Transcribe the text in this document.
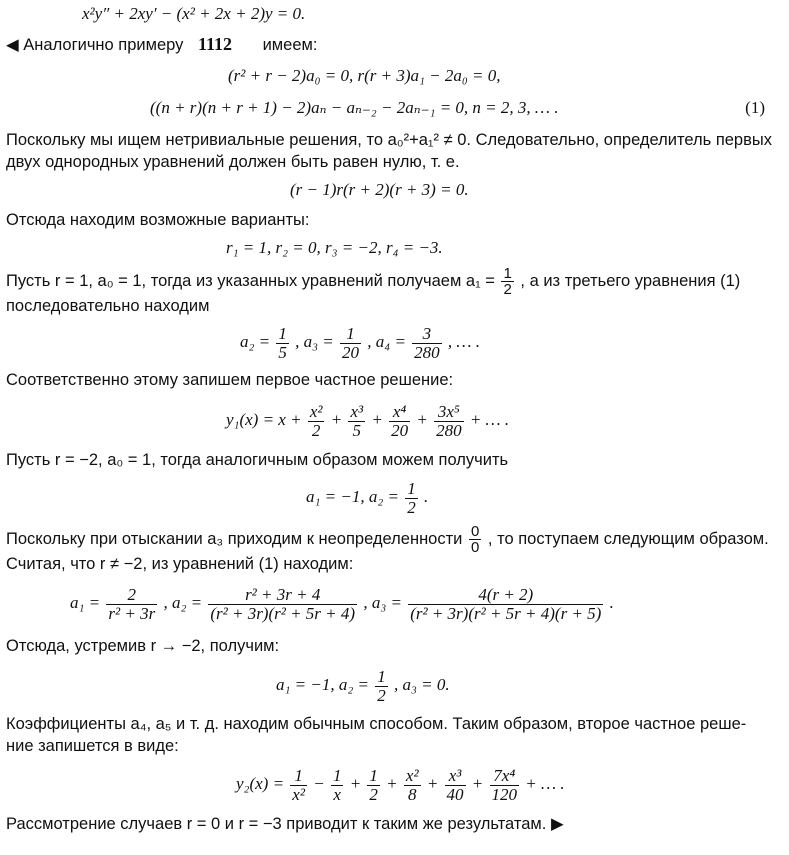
x²y″ + 2xy′ − (x² + 2x + 2)y = 0.
◀ Аналогично примеру 1112 имеем:
(r² + r − 2)a₀ = 0, r(r + 3)a₁ − 2a₀ = 0,
((n + r)(n + r + 1) − 2)aₙ − aₙ₋₂ − 2aₙ₋₁ = 0, n = 2, 3, … .	(1)
Поскольку мы ищем нетривиальные решения, то a₀²+a₁² ≠ 0. Следовательно, определитель первых
двух однородных уравнений должен быть равен нулю, т. е.
(r − 1)r(r + 2)(r + 3) = 0.
Отсюда находим возможные варианты:
r₁ = 1, r₂ = 0, r₃ = −2, r₄ = −3.
Пусть r = 1, a₀ = 1, тогда из указанных уравнений получаем $a_1 = \frac{1}{2}$ , а из третьего уравнения (1)
последовательно находим
$a_2 = \frac{1}{5}$ , $a_3 = \frac{1}{20}$ , $a_4 = \frac{3}{280}$ , … .
Соответственно этому запишем первое частное решение:
$y_1(x) = x + \frac{\text{x²}}{2} + \frac{\text{x³}}{5} + \frac{\text{x⁴}}{20} + \frac{\text{3x⁵}}{280}$ + … .
Пусть r = −2, a₀ = 1, тогда аналогичным образом можем получить
a₁ = −1, $a_2 = \frac{1}{2}$ .
Поскольку при отыскании a₃ приходим к неопределенности $\frac{0}{0}$ , то поступаем следующим образом.
Считая, что r ≠ −2, из уравнений (1) находим:
$a_1 = \frac{2}{\text{r² + 3r}}$ , $a_2 = \frac{\text{r² + 3r + 4}}{\text{(r² + 3r)(r² + 5r + 4)}}$ , $a_3 = \frac{4(r + 2)}{\text{(r² + 3r)(r² + 5r + 4)(r + 5)}}$ .
Отсюда, устремив r → −2, получим:
a₁ = −1, $a_2 = \frac{1}{2}$ , a₃ = 0.
Коэффициенты a₄, a₅ и т. д. находим обычным способом. Таким образом, второе частное реше-
ние запишется в виде:
$y_2(x) = \frac{1}{\text{x²}} - \frac{1}{x} + \frac{1}{2} + \frac{\text{x²}}{8} + \frac{\text{x³}}{40} + \frac{\text{7x⁴}}{120}$ + … .
Рассмотрение случаев r = 0 и r = −3 приводит к таким же результатам. ▶
